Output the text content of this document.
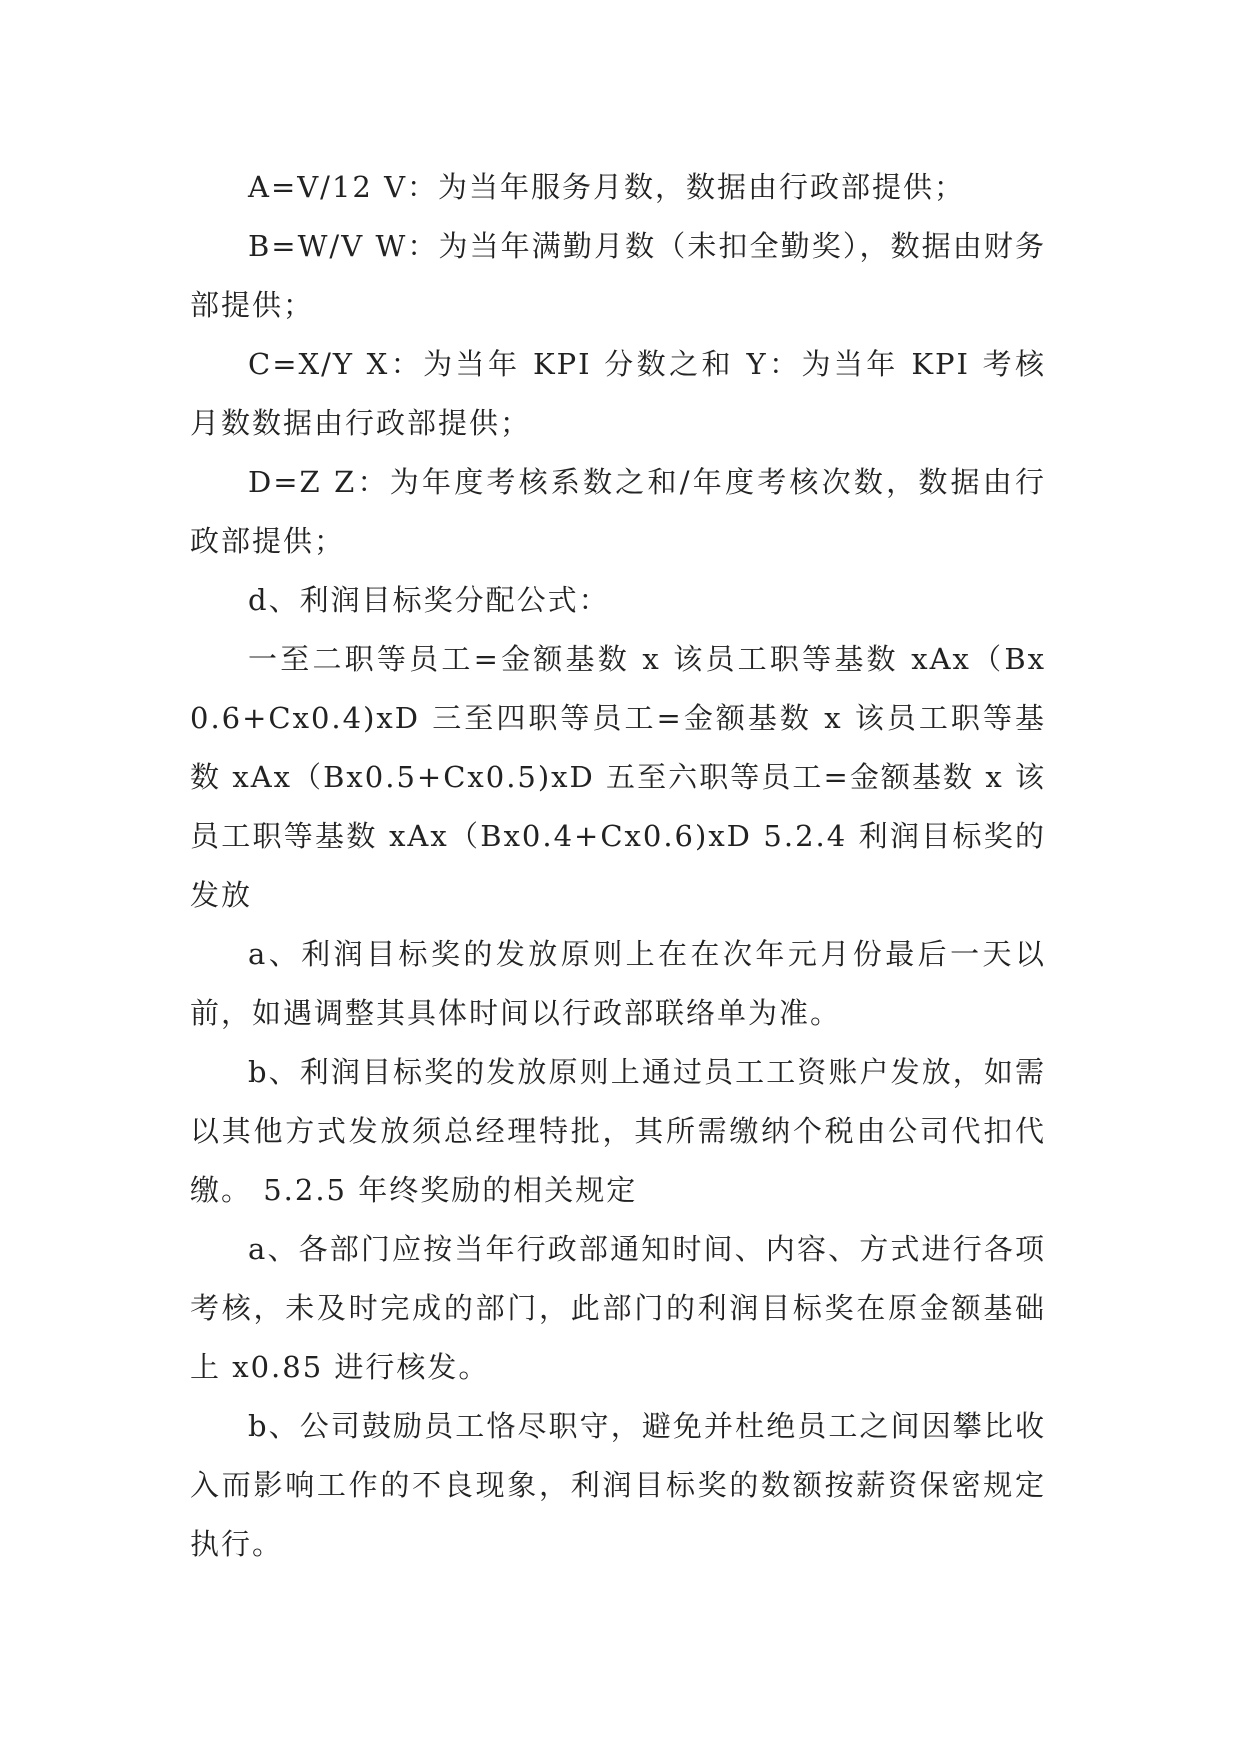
A=V/12 V：为当年服务月数，数据由行政部提供；

B=W/V W：为当年满勤月数（未扣全勤奖），数据由财务部提供；

C=X/Y X：为当年 KPI 分数之和 Y：为当年 KPI 考核月数数据由行政部提供；

D=Z Z：为年度考核系数之和/年度考核次数，数据由行政部提供；

d、利润目标奖分配公式：

一至二职等员工=金额基数 x 该员工职等基数 xAx（Bx0.6+Cx0.4)xD 三至四职等员工=金额基数 x 该员工职等基数 xAx（Bx0.5+Cx0.5)xD 五至六职等员工=金额基数 x 该员工职等基数 xAx（Bx0.4+Cx0.6)xD 5.2.4 利润目标奖的发放

a、利润目标奖的发放原则上在在次年元月份最后一天以前，如遇调整其具体时间以行政部联络单为准。

b、利润目标奖的发放原则上通过员工工资账户发放，如需以其他方式发放须总经理特批，其所需缴纳个税由公司代扣代缴。 5.2.5 年终奖励的相关规定

a、各部门应按当年行政部通知时间、内容、方式进行各项考核，未及时完成的部门，此部门的利润目标奖在原金额基础上 x0.85 进行核发。

b、公司鼓励员工恪尽职守，避免并杜绝员工之间因攀比收入而影响工作的不良现象，利润目标奖的数额按薪资保密规定执行。
